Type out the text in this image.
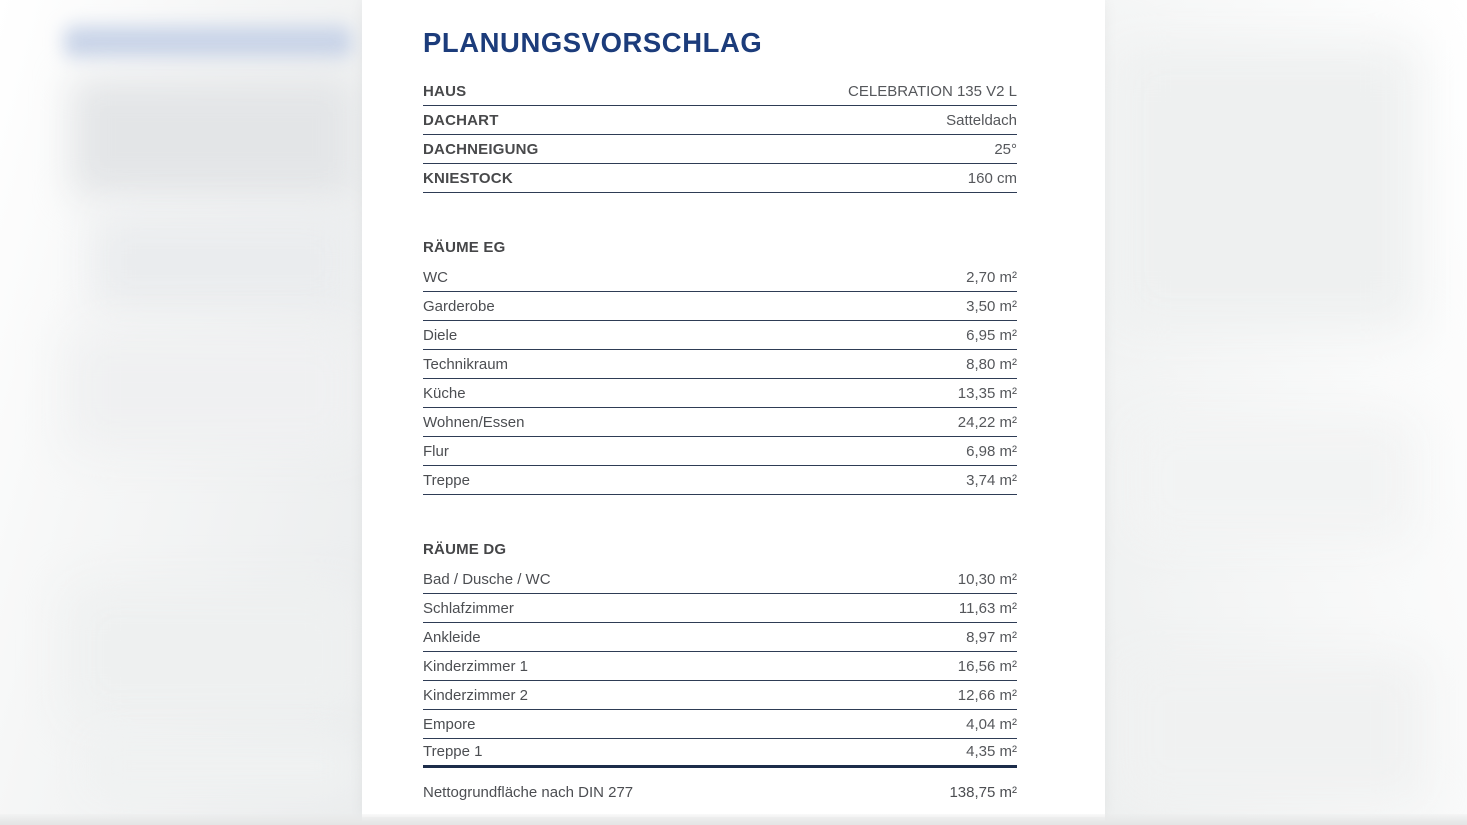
PLANUNGSVORSCHLAG
HAUS	CELEBRATION 135 V2 L
DACHART	Satteldach
DACHNEIGUNG	25°
KNIESTOCK	160 cm
RÄUME EG
WC	2,70 m²
Garderobe	3,50 m²
Diele	6,95 m²
Technikraum	8,80 m²
Küche	13,35 m²
Wohnen/Essen	24,22 m²
Flur	6,98 m²
Treppe	3,74 m²
RÄUME DG
Bad / Dusche / WC	10,30 m²
Schlafzimmer	11,63 m²
Ankleide	8,97 m²
Kinderzimmer 1	16,56 m²
Kinderzimmer 2	12,66 m²
Empore	4,04 m²
Treppe 1	4,35 m²
Nettogrundfläche nach DIN 277	138,75 m²
